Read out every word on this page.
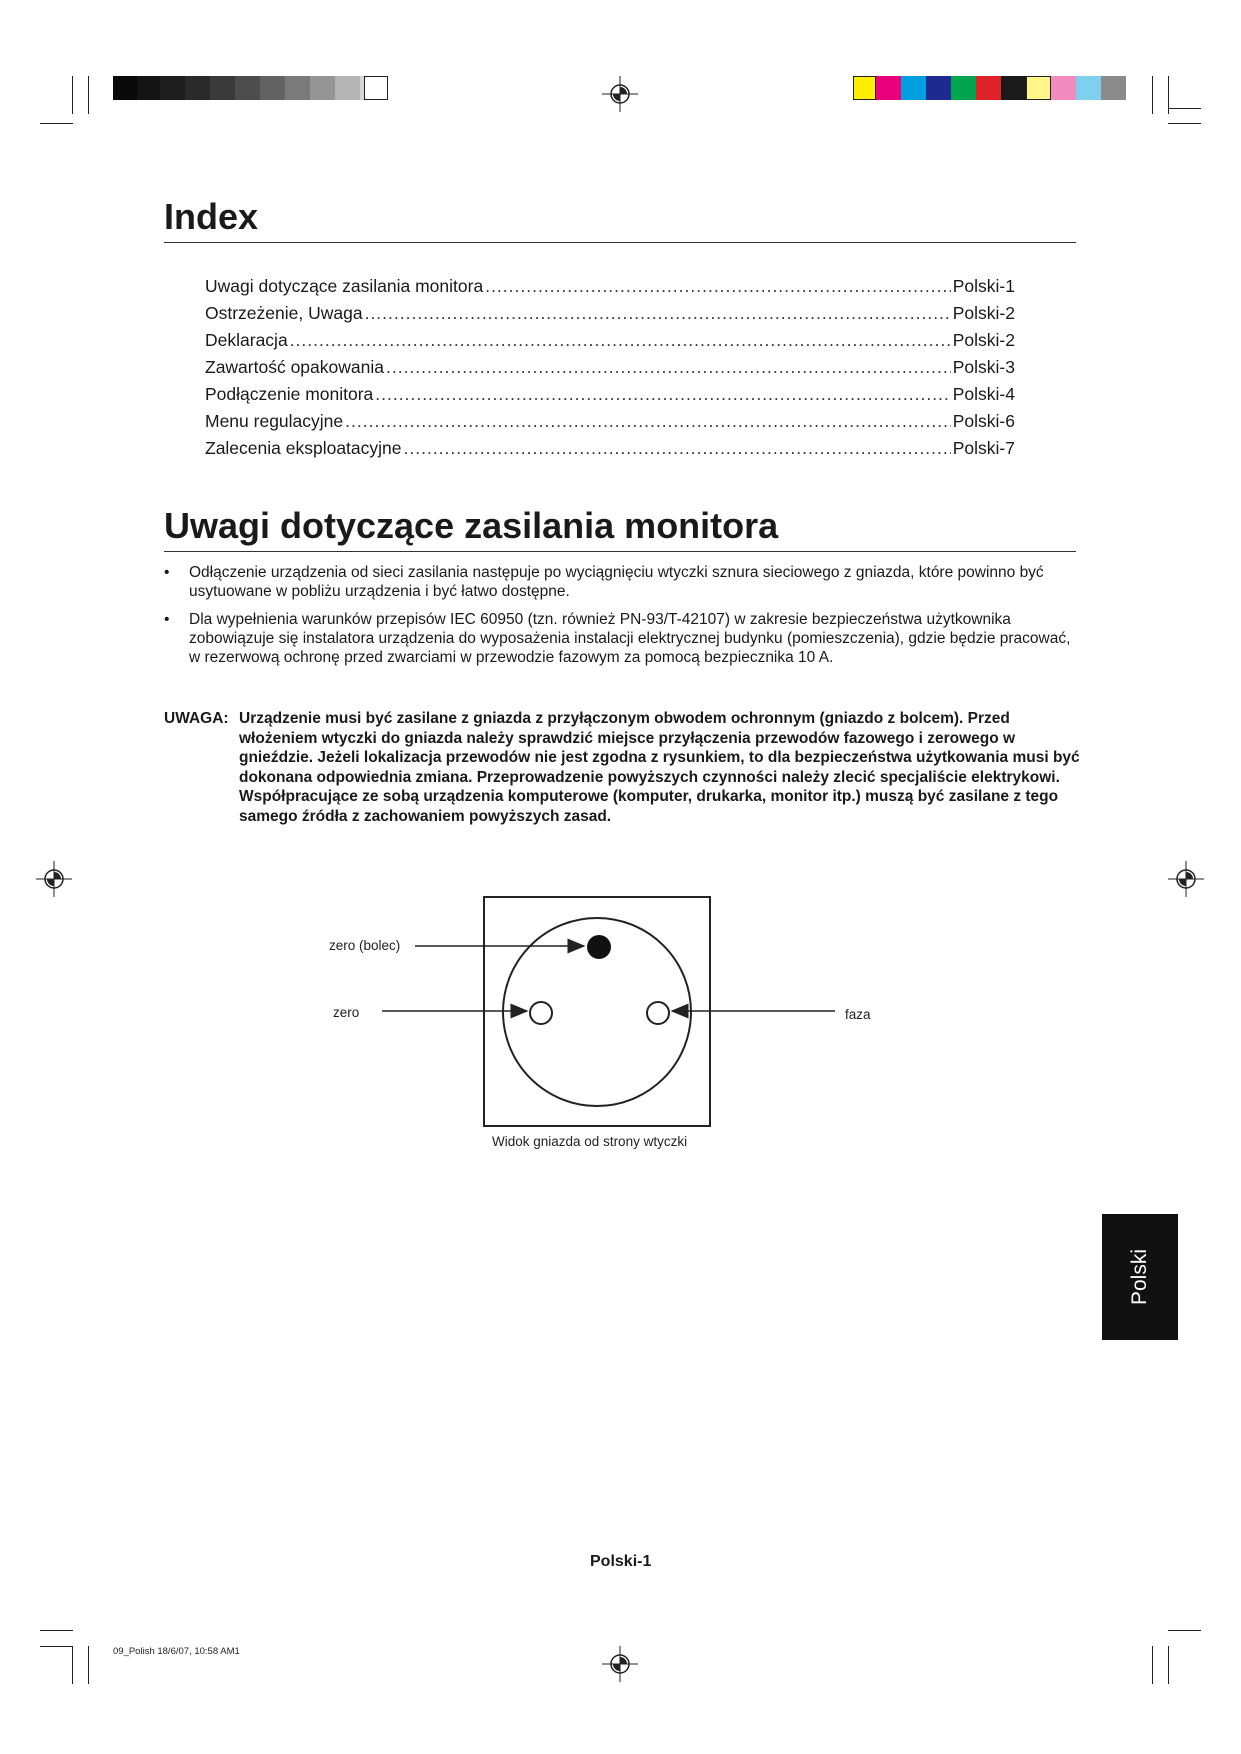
Index
Uwagi dotyczące zasilania monitora .....	Polski-1
Ostrzeżenie, Uwaga .....	Polski-2
Deklaracja .....	Polski-2
Zawartość opakowania .....	Polski-3
Podłączenie monitora .....	Polski-4
Menu regulacyjne .....	Polski-6
Zalecenia eksploatacyjne .....	Polski-7
Uwagi dotyczące zasilania monitora
• Odłączenie urządzenia od sieci zasilania następuje po wyciągnięciu wtyczki sznura sieciowego z gniazda, które powinno być usytuowane w pobliżu urządzenia i być łatwo dostępne.
• Dla wypełnienia warunków przepisów IEC 60950 (tzn. również PN-93/T-42107) w zakresie bezpieczeństwa użytkownika zobowiązuje się instalatora urządzenia do wyposażenia instalacji elektrycznej budynku (pomieszczenia), gdzie będzie pracować, w rezerwową ochronę przed zwarciami w przewodzie fazowym za pomocą bezpiecznika 10 A.
UWAGA: Urządzenie musi być zasilane z gniazda z przyłączonym obwodem ochronnym (gniazdo z bolcem). Przed włożeniem wtyczki do gniazda należy sprawdzić miejsce przyłączenia przewodów fazowego i zerowego w gnieździe. Jeżeli lokalizacja przewodów nie jest zgodna z rysunkiem, to dla bezpieczeństwa użytkowania musi być dokonana odpowiednia zmiana. Przeprowadzenie powyższych czynności należy zlecić specjaliście elektrykowi. Współpracujące ze sobą urządzenia komputerowe (komputer, drukarka, monitor itp.) muszą być zasilane z tego samego źródła z zachowaniem powyższych zasad.
zero (bolec)
zero	faza
Widok gniazda od strony wtyczki
Polski
Polski-1
09_Polish 18/6/07, 10:58 AM1
